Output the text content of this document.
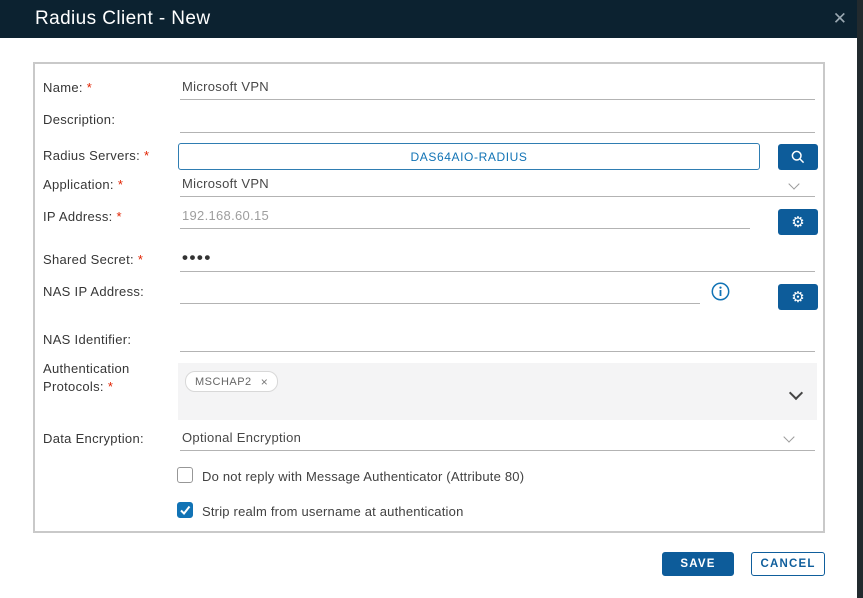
Radius Client - New	✕
Name: *
Microsoft VPN
Description:
Radius Servers: *	DAS64AIO-RADIUS
Application: *	Microsoft VPN
IP Address: *
192.168.60.15	⚙
Shared Secret: * ••••
NAS IP Address:	⚙
NAS Identifier:
Authentication Protocols: *	MSCHAP2 ×
Data Encryption:	Optional Encryption
Do not reply with Message Authenticator (Attribute 80)
Strip realm from username at authentication
SAVE	CANCEL
